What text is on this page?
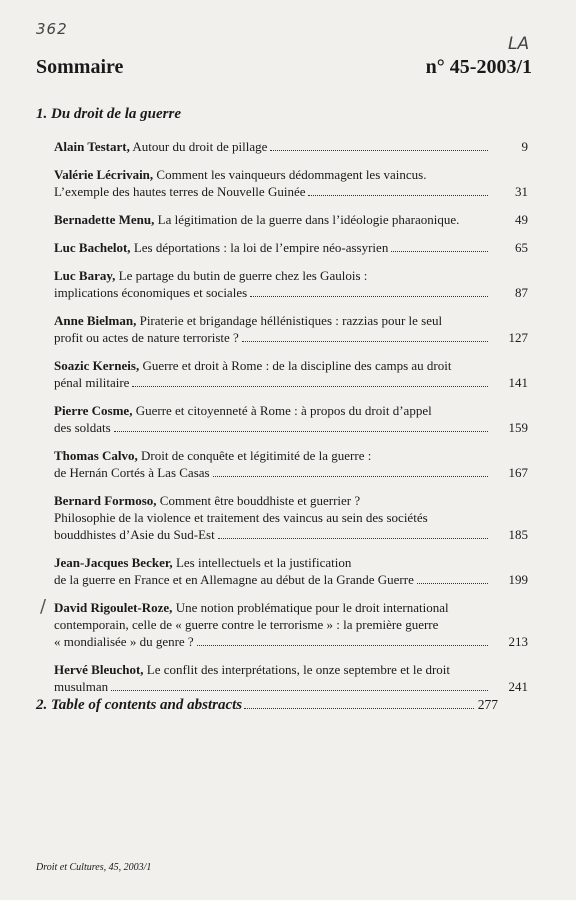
362
LA
Sommaire	n° 45-2003/1
1. Du droit de la guerre
Alain Testart, Autour du droit de pillage	9
Valérie Lécrivain, Comment les vainqueurs dédommagent les vaincus.
L’exemple des hautes terres de Nouvelle Guinée	31
Bernadette Menu, La légitimation de la guerre dans l’idéologie pharaonique.	49
Luc Bachelot, Les déportations : la loi de l’empire néo-assyrien	65
Luc Baray, Le partage du butin de guerre chez les Gaulois :
implications économiques et sociales	87
Anne Bielman, Piraterie et brigandage héllénistiques : razzias pour le seul
profit ou actes de nature terroriste ?	127
Soazic Kerneis, Guerre et droit à Rome : de la discipline des camps au droit
pénal militaire	141
Pierre Cosme, Guerre et citoyenneté à Rome : à propos du droit d’appel
des soldats	159
Thomas Calvo, Droit de conquête et légitimité de la guerre :
de Hernán Cortés à Las Casas	167
Bernard Formoso, Comment être bouddhiste et guerrier ?
Philosophie de la violence et traitement des vaincus au sein des sociétés
bouddhistes d’Asie du Sud-Est	185
Jean-Jacques Becker, Les intellectuels et la justification
de la guerre en France et en Allemagne au début de la Grande Guerre	199
David Rigoulet-Roze, Une notion problématique pour le droit international
contemporain, celle de « guerre contre le terrorisme » : la première guerre
« mondialisée » du genre ?	213
Hervé Bleuchot, Le conflit des interprétations, le onze septembre et le droit
musulman	241
/
2. Table of contents and abstracts	277
Droit et Cultures, 45, 2003/1
